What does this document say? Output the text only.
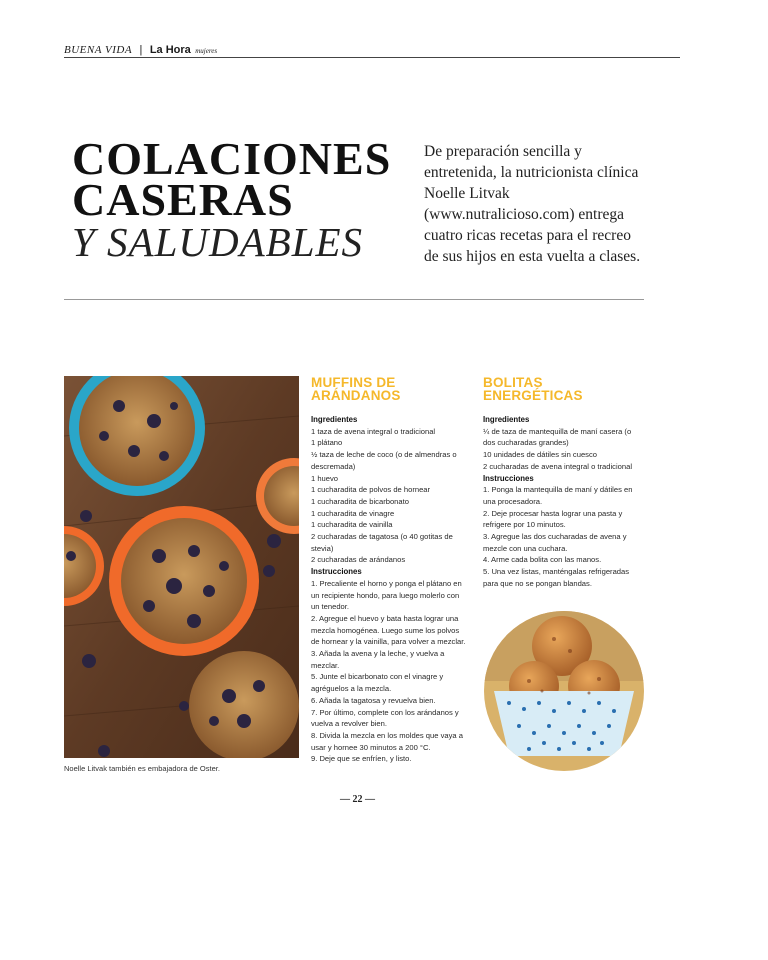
BUENA VIDA | La Hora mujeres
COLACIONES
CASERAS
Y SALUDABLES
De preparación sencilla y entretenida, la nutricionista clínica Noelle Litvak (www.nutralicioso.com) entrega cuatro ricas recetas para el recreo de sus hijos en esta vuelta a clases.
Noelle Litvak también es embajadora de Oster.
MUFFINS DE
ARÁNDANOS
Ingredientes

1 taza de avena integral o tradicional

1 plátano

½ taza de leche de coco (o de almendras o descremada)

1 huevo

1 cucharadita de polvos de hornear

1 cucharadita de bicarbonato

1 cucharadita de vinagre

1 cucharadita de vainilla

2 cucharadas de tagatosa (o 40 gotitas de stevia)

2 cucharadas de arándanos

Instrucciones

1. Precaliente el horno y ponga el plátano en un recipiente hondo, para luego molerlo con un tenedor.

2. Agregue el huevo y bata hasta lograr una mezcla homogénea. Luego sume los polvos de hornear y la vainilla, para volver a mezclar.

3. Añada la avena y la leche, y vuelva a mezclar.

5. Junte el bicarbonato con el vinagre y agréguelos a la mezcla.

6. Añada la tagatosa y revuelva bien.

7. Por último, complete con los arándanos y vuelva a revolver bien.

8. Divida la mezcla en los moldes que vaya a usar y hornee 30 minutos a 200 °C.

9. Deje que se enfríen, y listo.

BOLITAS
ENERGÉTICAS
Ingredientes

¼ de taza de mantequilla de maní casera (o dos cucharadas grandes)

10 unidades de dátiles sin cuesco

2 cucharadas de avena integral o tradicional

Instrucciones

1. Ponga la mantequilla de maní y dátiles en una procesadora.

2. Deje procesar hasta lograr una pasta y refrigere por 10 minutos.

3. Agregue las dos cucharadas de avena y mezcle con una cuchara.

4. Arme cada bolita con las manos.

5. Una vez listas, manténgalas refrigeradas para que no se pongan blandas.

— 22 —
